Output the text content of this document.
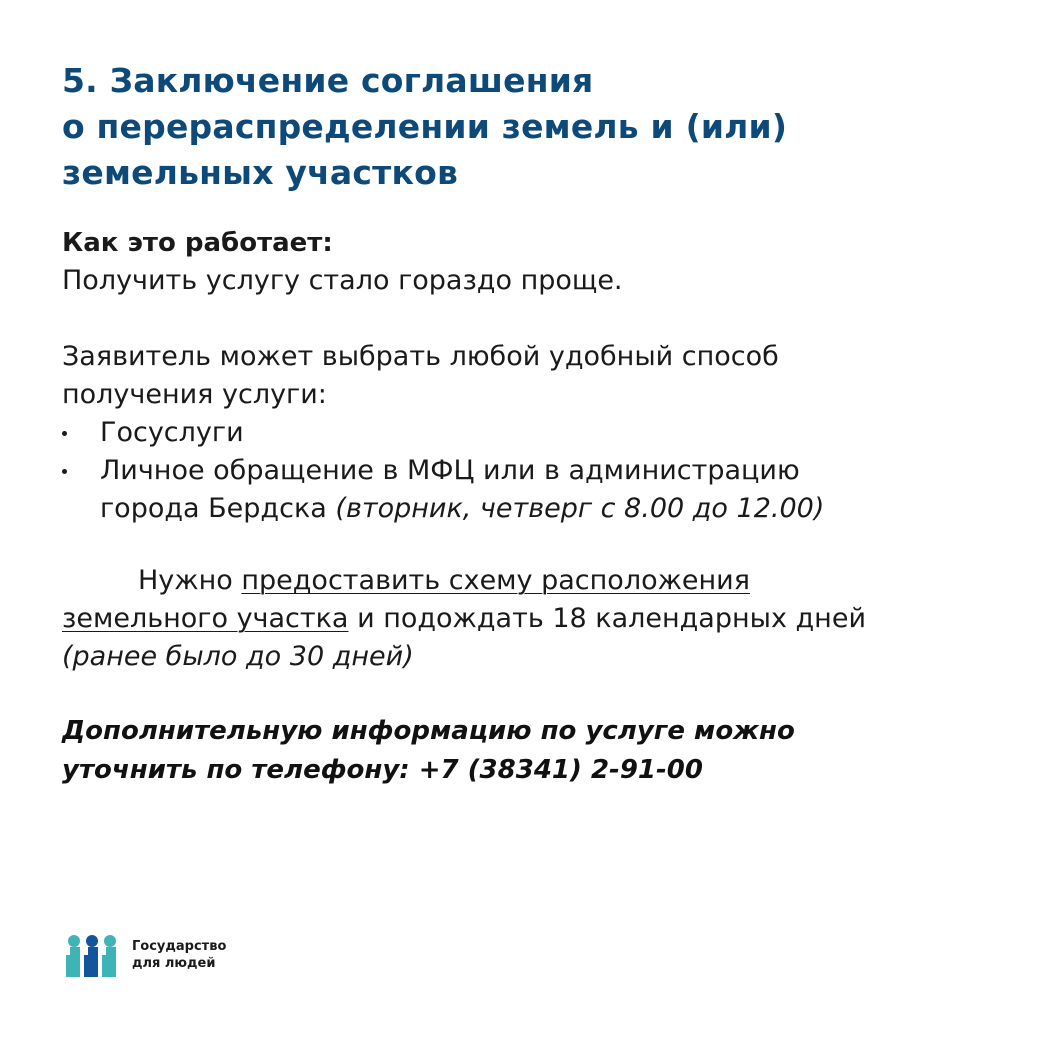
5. Заключение соглашения
о перераспределении земель и (или)
земельных участков

Как это работает:

Получить услугу стало гораздо проще.

Заявитель может выбрать любой удобный способ
получения услуги:

Госуслуги
Личное обращение в МФЦ или в администрацию
города Бердска (вторник, четверг с 8.00 до 12.00)

Нужно предоставить схему расположения
земельного участка и подождать 18 календарных дней
(ранее было до 30 дней)

Дополнительную информацию по услуге можно
уточнить по телефону: +7 (38341) 2-91-00

Государство
для людей
